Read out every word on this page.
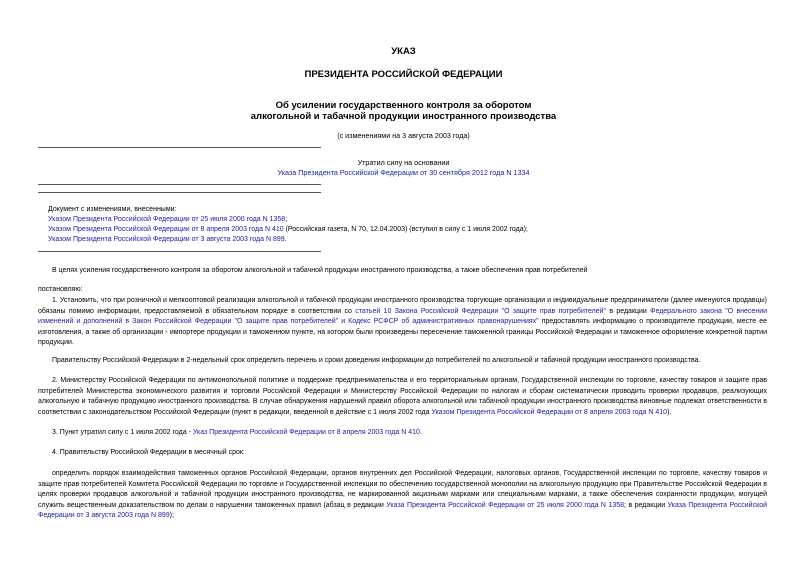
УКАЗ
ПРЕЗИДЕНТА РОССИЙСКОЙ ФЕДЕРАЦИИ
Об усилении государственного контроля за оборотом
алкогольной и табачной продукции иностранного производства
(с изменениями на 3 августа 2003 года)
Утратил силу на основании
Указа Президента Российской Федерации от 30 сентября 2012 года N 1334
Документ с изменениями, внесенными:
Указом Президента Российской Федерации от 25 июля 2000 года N 1358;
Указом Президента Российской Федерации от 8 апреля 2003 года N 410 (Российская газета, N 70, 12.04.2003) (вступил в силу с 1 июля 2002 года);
Указом Президента Российской Федерации от 3 августа 2003 года N 899.
В целях усиления государственного контроля за оборотом алкогольной и табачной продукции иностранного производства, а также обеспечения прав потребителей
постановляю:
1. Установить, что при розничной и мелкооптовой реализации алкогольной и табачной продукции иностранного производства торгующие организации и индивидуальные предприниматели (далее именуются продавцы) обязаны помимо информации, предоставляемой в обязательном порядке в соответствии со статьей 10 Закона Российской Федерации "О защите прав потребителей" в редакции Федерального закона "О внесении изменений и дополнений в Закон Российской Федерации "О защите прав потребителей" и Кодекс РСФСР об административных правонарушениях" предоставлять информацию о производителе продукции, месте ее изготовления, а также об организации - импортере продукции и таможенном пункте, на котором были произведены пересечение таможенной границы Российской Федерации и таможенное оформление конкретной партии продукции.
Правительству Российской Федерации в 2-недельный срок определить перечень и сроки доведения информации до потребителей по алкогольной и табачной продукции иностранного производства.
2. Министерству Российской Федерации по антимонопольной политике и поддержке предпринимательства и его территориальным органам, Государственной инспекции по торговле, качеству товаров и защите прав потребителей Министерства экономического развития и торговли Российской Федерации и Министерству Российской Федерации по налогам и сборам систематически проводить проверки продавцов, реализующих алкогольную и табачную продукцию иностранного производства. В случае обнаружения нарушений правил оборота алкогольной или табачной продукции иностранного производства виновные подлежат ответственности в соответствии с законодательством Российской Федерации (пункт в редакции, введенной в действие с 1 июля 2002 года Указом Президента Российской Федерации от 8 апреля 2003 года N 410).
3. Пункт утратил силу с 1 июля 2002 года - Указ Президента Российской Федерации от 8 апреля 2003 года N 410.
4. Правительству Российской Федерации в месячный срок:
определить порядок взаимодействия таможенных органов Российской Федерации, органов внутренних дел Российской Федерации, налоговых органов, Государственной инспекции по торговле, качеству товаров и защите прав потребителей Комитета Российской Федерации по торговле и Государственной инспекции по обеспечению государственной монополии на алкогольную продукцию при Правительстве Российской Федерации в целях проверки продавцов алкогольной и табачной продукции иностранного производства, не маркированной акцизными марками или специальными марками, а также обеспечения сохранности продукции, могущей служить вещественным доказательством по делам о нарушении таможенных правил (абзац в редакции Указа Президента Российской Федерации от 25 июля 2000 года N 1358; в редакции Указа Президента Российской Федерации от 3 августа 2003 года N 899);
